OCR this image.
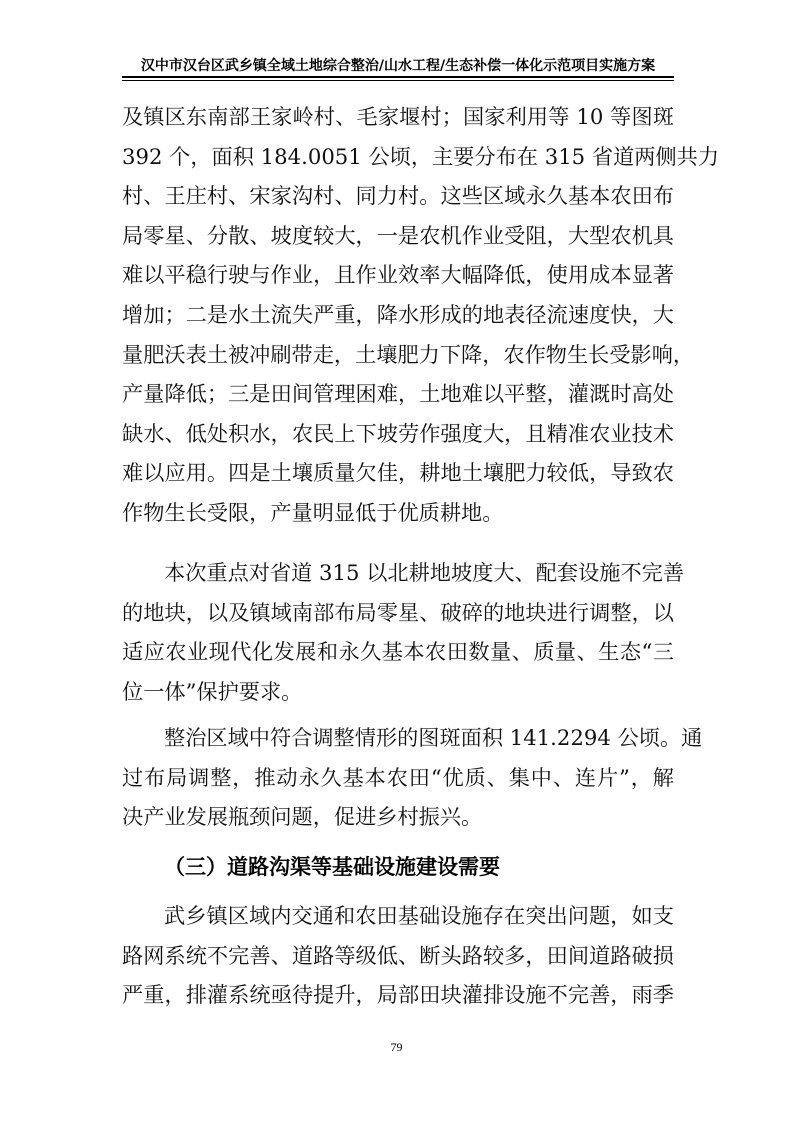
汉中市汉台区武乡镇全域土地综合整治/山水工程/生态补偿一体化示范项目实施方案
及镇区东南部王家岭村、毛家堰村；国家利用等 10 等图斑
392 个，面积 184.0051 公顷，主要分布在 315 省道两侧共力
村、王庄村、宋家沟村、同力村。这些区域永久基本农田布
局零星、分散、坡度较大，一是农机作业受阻，大型农机具
难以平稳行驶与作业，且作业效率大幅降低，使用成本显著
增加；二是水土流失严重，降水形成的地表径流速度快，大
量肥沃表土被冲刷带走，土壤肥力下降，农作物生长受影响，
产量降低；三是田间管理困难，土地难以平整，灌溉时高处
缺水、低处积水，农民上下坡劳作强度大，且精准农业技术
难以应用。四是土壤质量欠佳，耕地土壤肥力较低，导致农
作物生长受限，产量明显低于优质耕地。
本次重点对省道 315 以北耕地坡度大、配套设施不完善
的地块，以及镇域南部布局零星、破碎的地块进行调整，以
适应农业现代化发展和永久基本农田数量、质量、生态“三
位一体”保护要求。
整治区域中符合调整情形的图斑面积 141.2294 公顷。通
过布局调整，推动永久基本农田“优质、集中、连片”，解
决产业发展瓶颈问题，促进乡村振兴。
（三）道路沟渠等基础设施建设需要
武乡镇区域内交通和农田基础设施存在突出问题，如支
路网系统不完善、道路等级低、断头路较多，田间道路破损
严重，排灌系统亟待提升，局部田块灌排设施不完善，雨季
79
